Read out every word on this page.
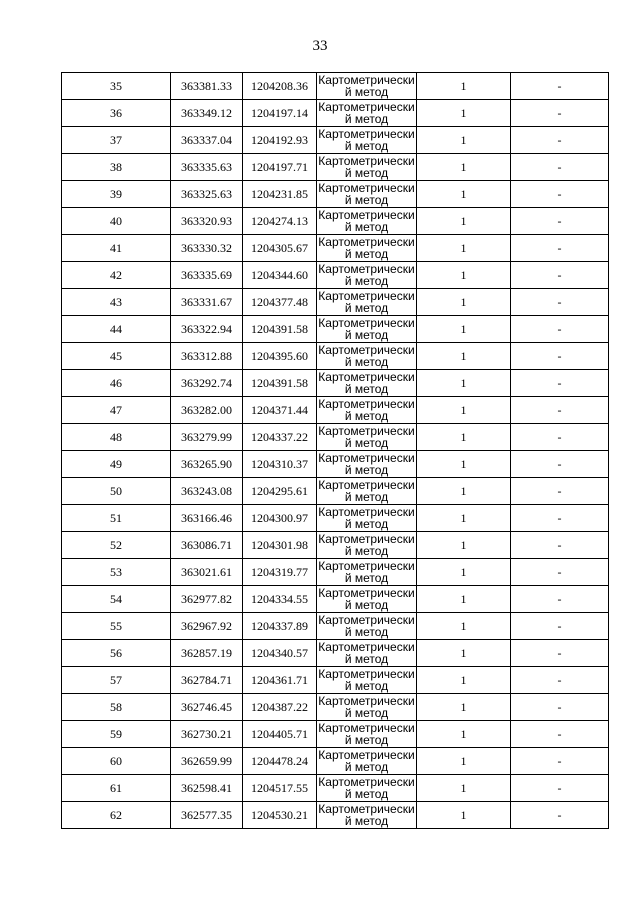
33
35	363381.33	1204208.36	Картометрически
й метод	1	-
36	363349.12	1204197.14	Картометрически
й метод	1	-
37	363337.04	1204192.93	Картометрически
й метод	1	-
38	363335.63	1204197.71	Картометрически
й метод	1	-
39	363325.63	1204231.85	Картометрически
й метод	1	-
40	363320.93	1204274.13	Картометрически
й метод	1	-
41	363330.32	1204305.67	Картометрически
й метод	1	-
42	363335.69	1204344.60	Картометрически
й метод	1	-
43	363331.67	1204377.48	Картометрически
й метод	1	-
44	363322.94	1204391.58	Картометрически
й метод	1	-
45	363312.88	1204395.60	Картометрически
й метод	1	-
46	363292.74	1204391.58	Картометрически
й метод	1	-
47	363282.00	1204371.44	Картометрически
й метод	1	-
48	363279.99	1204337.22	Картометрически
й метод	1	-
49	363265.90	1204310.37	Картометрически
й метод	1	-
50	363243.08	1204295.61	Картометрически
й метод	1	-
51	363166.46	1204300.97	Картометрически
й метод	1	-
52	363086.71	1204301.98	Картометрически
й метод	1	-
53	363021.61	1204319.77	Картометрически
й метод	1	-
54	362977.82	1204334.55	Картометрически
й метод	1	-
55	362967.92	1204337.89	Картометрически
й метод	1	-
56	362857.19	1204340.57	Картометрически
й метод	1	-
57	362784.71	1204361.71	Картометрически
й метод	1	-
58	362746.45	1204387.22	Картометрически
й метод	1	-
59	362730.21	1204405.71	Картометрически
й метод	1	-
60	362659.99	1204478.24	Картометрически
й метод	1	-
61	362598.41	1204517.55	Картометрически
й метод	1	-
62	362577.35	1204530.21	Картометрически
й метод	1	-
